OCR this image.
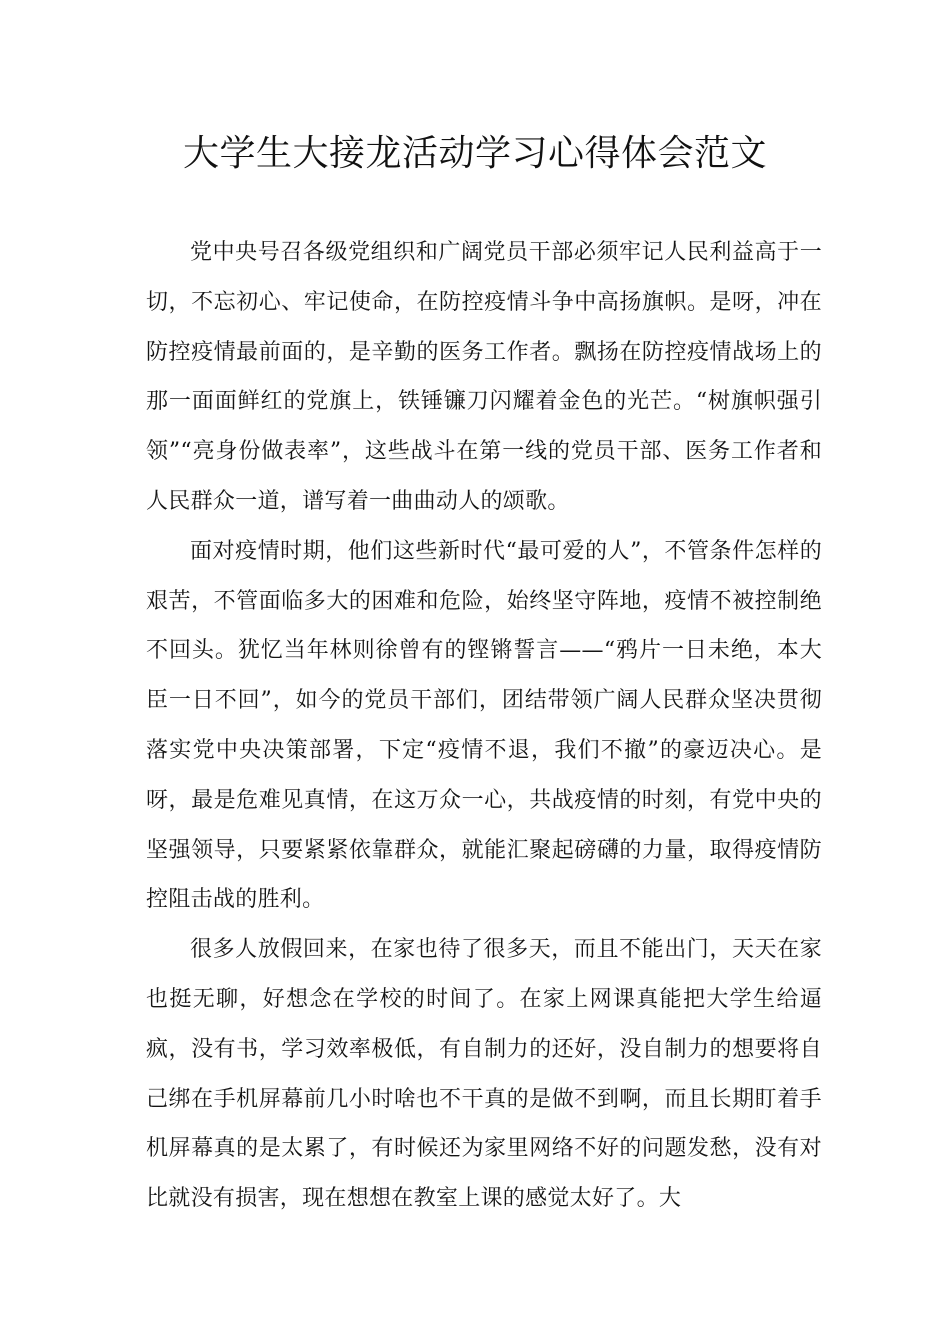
大学生大接龙活动学习心得体会范文

党中央号召各级党组织和广阔党员干部必须牢记人民利益高于一切，不忘初心、牢记使命，在防控疫情斗争中高扬旗帜。是呀，冲在防控疫情最前面的，是辛勤的医务工作者。飘扬在防控疫情战场上的那一面面鲜红的党旗上，铁锤镰刀闪耀着金色的光芒。“树旗帜强引领”“亮身份做表率”，这些战斗在第一线的党员干部、医务工作者和人民群众一道，谱写着一曲曲动人的颂歌。

面对疫情时期，他们这些新时代“最可爱的人”，不管条件怎样的艰苦，不管面临多大的困难和危险，始终坚守阵地，疫情不被控制绝不回头。犹忆当年林则徐曾有的铿锵誓言——“鸦片一日未绝，本大臣一日不回”，如今的党员干部们，团结带领广阔人民群众坚决贯彻落实党中央决策部署，下定“疫情不退，我们不撤”的豪迈决心。是呀，最是危难见真情，在这万众一心，共战疫情的时刻，有党中央的坚强领导，只要紧紧依靠群众，就能汇聚起磅礴的力量，取得疫情防控阻击战的胜利。

很多人放假回来，在家也待了很多天，而且不能出门，天天在家也挺无聊，好想念在学校的时间了。在家上网课真能把大学生给逼疯，没有书，学习效率极低，有自制力的还好，没自制力的想要将自己绑在手机屏幕前几小时啥也不干真的是做不到啊，而且长期盯着手机屏幕真的是太累了，有时候还为家里网络不好的问题发愁，没有对比就没有损害，现在想想在教室上课的感觉太好了。大
